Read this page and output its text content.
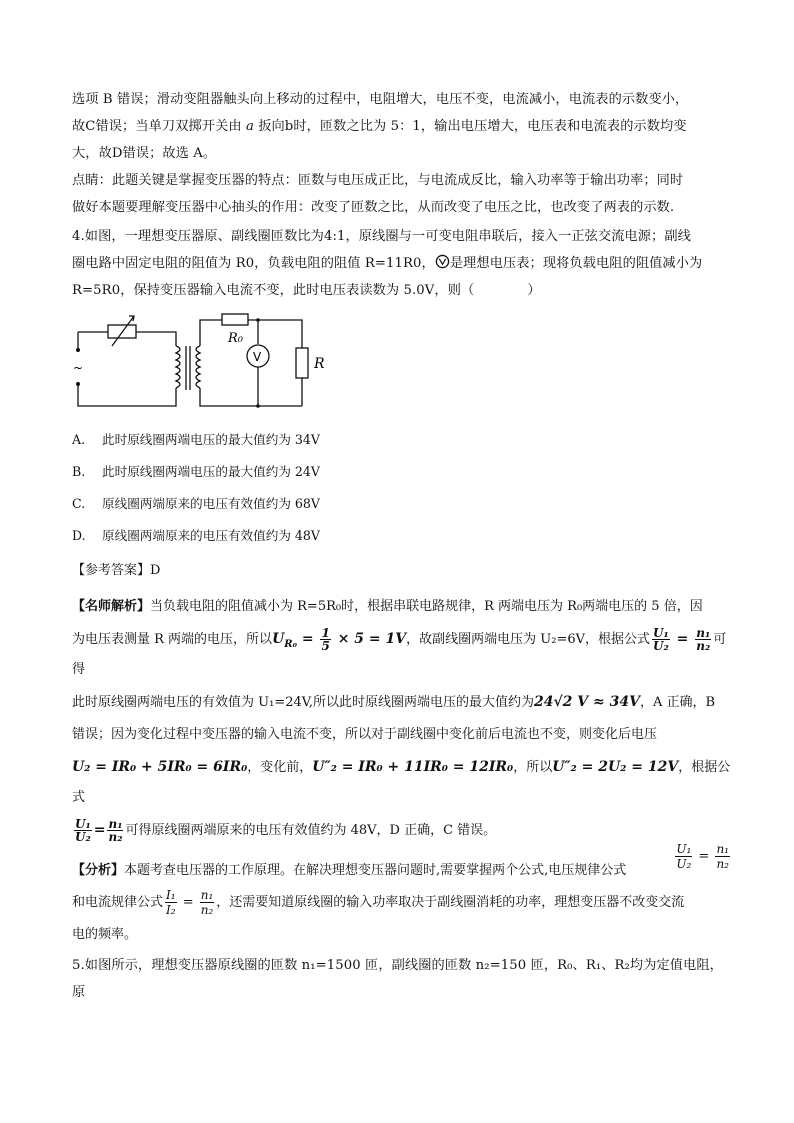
选项 B 错误；滑动变阻器触头向上移动的过程中，电阻增大，电压不变，电流减小，电流表的示数变小，

故C错误；当单刀双掷开关由 a 扳向b时，匝数之比为 5：1，输出电压增大，电压表和电流表的示数均变

大，故D错误；故选 A。

点睛：此题关键是掌握变压器的特点：匝数与电压成正比，与电流成反比，输入功率等于输出功率；同时

做好本题要理解变压器中心抽头的作用：改变了匝数之比，从而改变了电压之比，也改变了两表的示数.

4.如图，一理想变压器原、副线圈匝数比为4:1，原线圈与一可变电阻串联后，接入一正弦交流电源；副线

圈电路中固定电阻的阻值为 R0，负载电阻的阻值 R=11R0， 是理想电压表；现将负载电阻的阻值减小为

R=5R0，保持变压器输入电流不变，此时电压表读数为 5.0V，则（　　　　）

~
R₀
V	R

A. 此时原线圈两端电压的最大值约为 34V

B. 此时原线圈两端电压的最大值约为 24V

C. 原线圈两端原来的电压有效值约为 68V

D. 原线圈两端原来的电压有效值约为 48V

【参考答案】D

【名师解析】当负载电阻的阻值减小为 R=5R₀时，根据串联电路规律，R 两端电压为 R₀两端电压的 5 倍，因

为电压表测量 R 两端的电压，所以$U_{R_0} = \frac{1}{5} \times 5 = 1V$，故副线圈两端电压为 U₂=6V，根据公式 $\frac{\text{U₁}}{\text{U₂}} = \frac{\text{n₁}}{\text{n₂}}$ 可得

此时原线圈两端电压的有效值为 U₁=24V,所以此时原线圈两端电压的最大值约为24√2 V ≈ 34V，A 正确，B

错误；因为变化过程中变压器的输入电流不变，所以对于副线圈中变化前后电流也不变，则变化后电压

U₂ = IR₀ + 5IR₀ = 6IR₀，变化前，U″₂ = IR₀ + 11IR₀ = 12IR₀，所以U″₂ = 2U₂ = 12V，根据公式

$\frac{\text{U₁}}{\text{U₂}} = \frac{\text{n₁}}{\text{n₂}}$ 可得原线圈两端原来的电压有效值约为 48V，D 正确，C 错误。

【分析】本题考查电压器的工作原理。在解决理想变压器问题时,需要掌握两个公式,电压规律公式	$\frac{\text{U₁}}{\text{U₂}} = \frac{\text{n₁}}{\text{n₂}}$

和电流规律公式 $\frac{\text{I₁}}{\text{I₂}} = \frac{\text{n₁}}{\text{n₂}}$ ，还需要知道原线圈的输入功率取决于副线圈消耗的功率，理想变压器不改变交流

电的频率。

5.如图所示，理想变压器原线圈的匝数 n₁=1500 匝，副线圈的匝数 n₂=150 匝，R₀、R₁、R₂均为定值电阻，原
